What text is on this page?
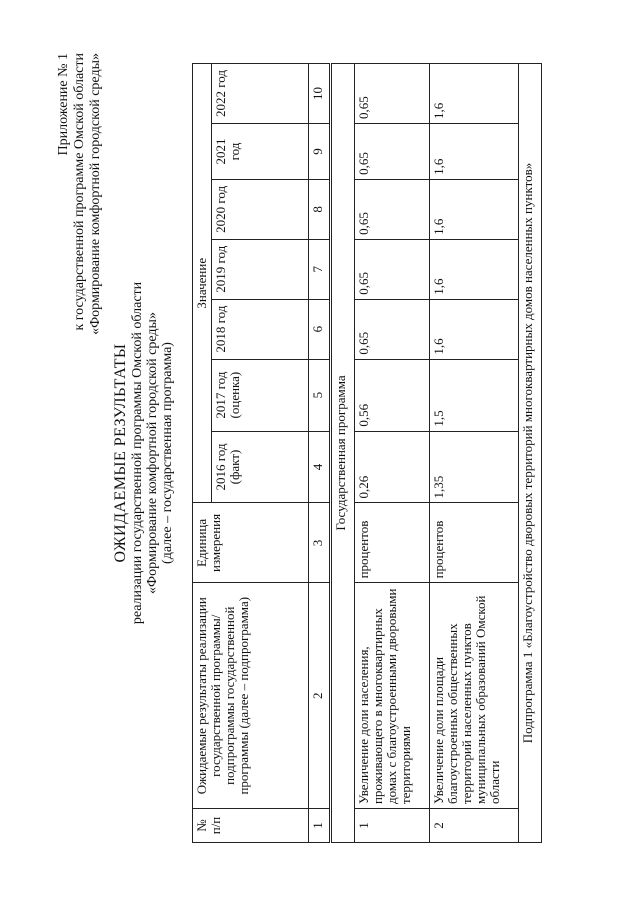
Приложение № 1 к государственной программе Омской области «Формирование комфортной городской среды»
ОЖИДАЕМЫЕ РЕЗУЛЬТАТЫ реализации государственной программы Омской области «Формирование комфортной городской среды» (далее – государственная программа)
№ п/п	Ожидаемые результаты реализации государственной программы/подпрограммы государственной программы (далее – подпрограмма)	Единица измерения	Значение						
			2016 год (факт)	2017 год (оценка)	2018 год	2019 год	2020 год	2021 год	2022 год
1	2	3	4	5	6	7	8	9	10
Государственная программа									
1	Увеличение доли населения, проживающего в многоквартирных домах с благоустроенными дворовыми территориями	процентов	0,26	0,56	0,65	0,65	0,65	0,65	0,65
2	Увеличение доли площади благоустроенных общественных территорий населенных пунктов муниципальных образований Омской области	процентов	1,35	1,5	1,6	1,6	1,6	1,6	1,6
Подпрограмма 1 «Благоустройство дворовых территорий многоквартирных домов населенных пунктов»									
